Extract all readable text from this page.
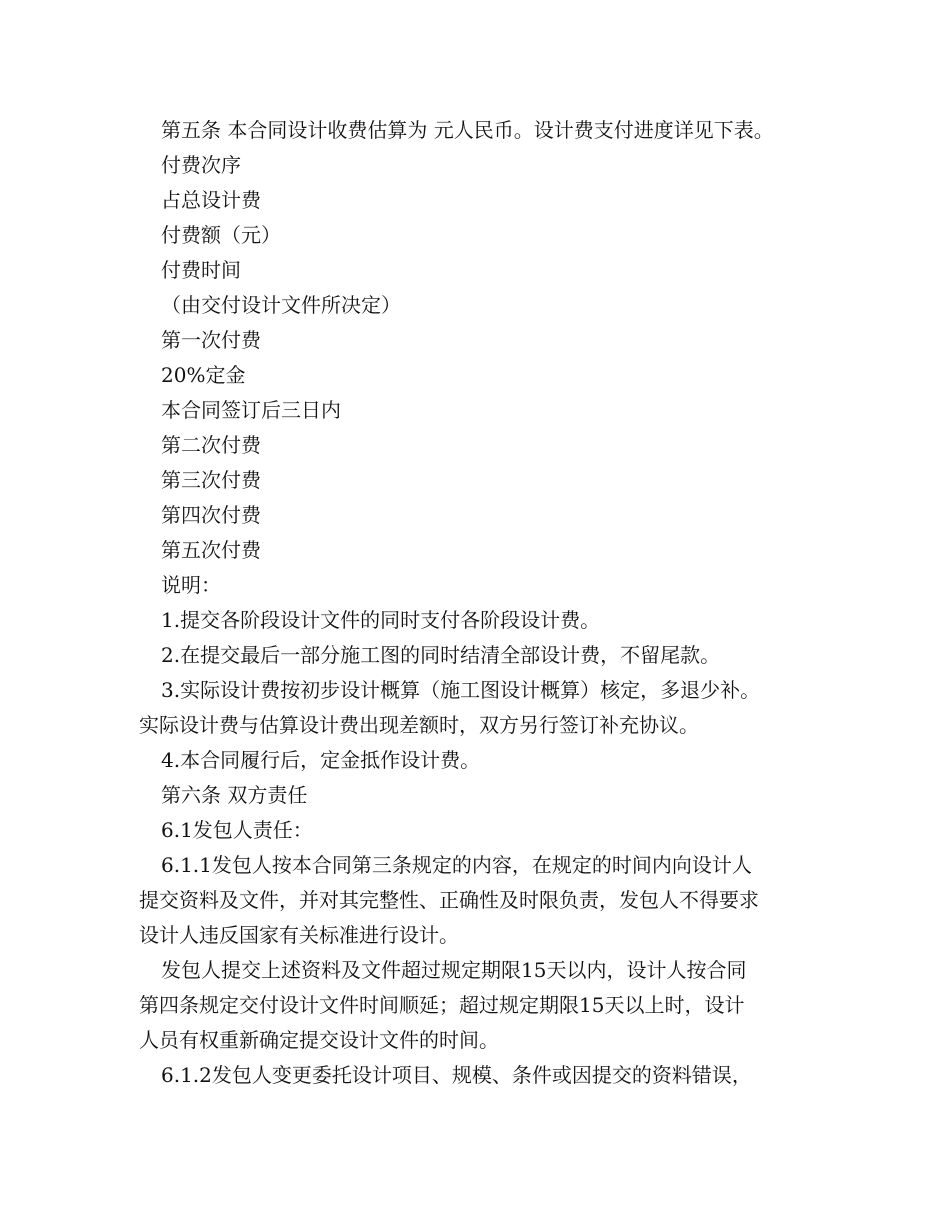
第五条 本合同设计收费估算为 元人民币。设计费支付进度详见下表。
付费次序
占总设计费
付费额（元）
付费时间
（由交付设计文件所决定）
第一次付费
20%定金
本合同签订后三日内
第二次付费
第三次付费
第四次付费
第五次付费
说明：
1.提交各阶段设计文件的同时支付各阶段设计费。
2.在提交最后一部分施工图的同时结清全部设计费，不留尾款。
3.实际设计费按初步设计概算（施工图设计概算）核定，多退少补。
实际设计费与估算设计费出现差额时，双方另行签订补充协议。
4.本合同履行后，定金抵作设计费。
第六条 双方责任
6.1发包人责任：
6.1.1发包人按本合同第三条规定的内容，在规定的时间内向设计人
提交资料及文件，并对其完整性、正确性及时限负责，发包人不得要求
设计人违反国家有关标准进行设计。
发包人提交上述资料及文件超过规定期限15天以内，设计人按合同
第四条规定交付设计文件时间顺延；超过规定期限15天以上时，设计
人员有权重新确定提交设计文件的时间。
6.1.2发包人变更委托设计项目、规模、条件或因提交的资料错误，
